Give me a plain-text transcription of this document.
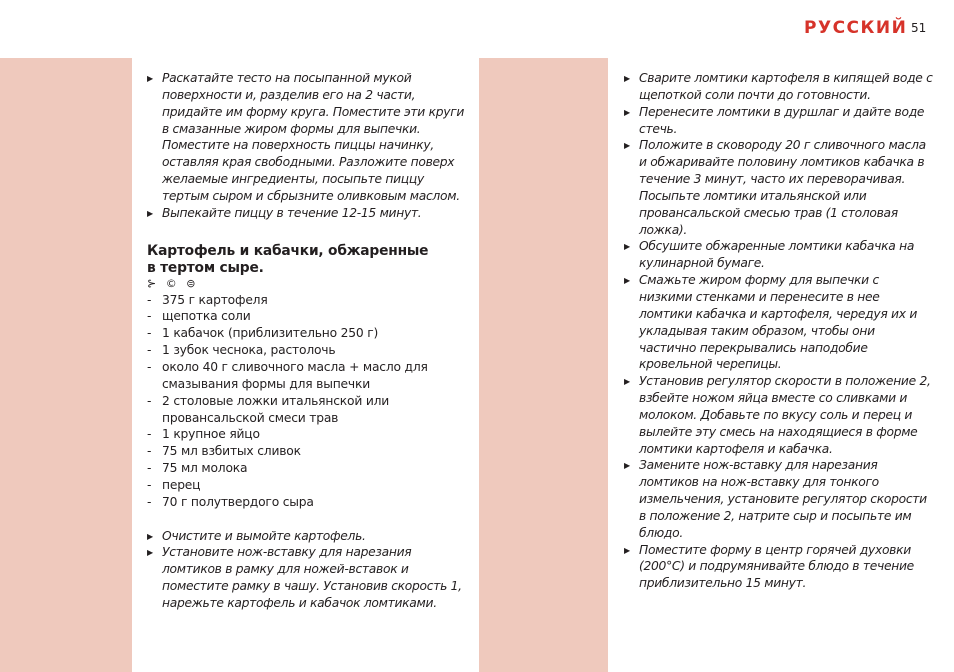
РУССКИЙ 51
▶ Раскатайте тесто на посыпанной мукой поверхности и, разделив его на 2 части, придайте им форму круга. Поместите эти круги в смазанные жиром формы для выпечки. Поместите на поверхность пиццы начинку, оставляя края свободными. Разложите поверх желаемые ингредиенты, посыпьте пиццу тертым сыром и сбрызните оливковым маслом.
▶ Выпекайте пиццу в течение 12-15 минут.
Картофель и кабачки, обжаренные
в тертом сыре.
⊱ © ⊜
- 375 г картофеля
- щепотка соли
- 1 кабачок (приблизительно 250 г)
- 1 зубок чеснока, растолочь
- около 40 г сливочного масла + масло для смазывания формы для выпечки
- 2 столовые ложки итальянской или провансальской смеси трав
- 1 крупное яйцо
- 75 мл взбитых сливок
- 75 мл молока
- перец
- 70 г полутвердого сыра
▶ Очистите и вымойте картофель.
▶ Установите нож-вставку для нарезания ломтиков в рамку для ножей-вставок и поместите рамку в чашу. Установив скорость 1, нарежьте картофель и кабачок ломтиками.
▶ Сварите ломтики картофеля в кипящей воде с щепоткой соли почти до готовности.
▶ Перенесите ломтики в дуршлаг и дайте воде стечь.
▶ Положите в сковороду 20 г сливочного масла и обжаривайте половину ломтиков кабачка в течение 3 минут, часто их переворачивая. Посыпьте ломтики итальянской или провансальской смесью трав (1 столовая ложка).
▶ Обсушите обжаренные ломтики кабачка на кулинарной бумаге.
▶ Смажьте жиром форму для выпечки с низкими стенками и перенесите в нее ломтики кабачка и картофеля, чередуя их и укладывая таким образом, чтобы они частично перекрывались наподобие кровельной черепицы.
▶ Установив регулятор скорости в положение 2, взбейте ножом яйца вместе со сливками и молоком. Добавьте по вкусу соль и перец и вылейте эту смесь на находящиеся в форме ломтики картофеля и кабачка.
▶ Замените нож-вставку для нарезания ломтиков на нож-вставку для тонкого измельчения, установите регулятор скорости в положение 2, натрите сыр и посыпьте им блюдо.
▶ Поместите форму в центр горячей духовки (200°C) и подрумянивайте блюдо в течение приблизительно 15 минут.
